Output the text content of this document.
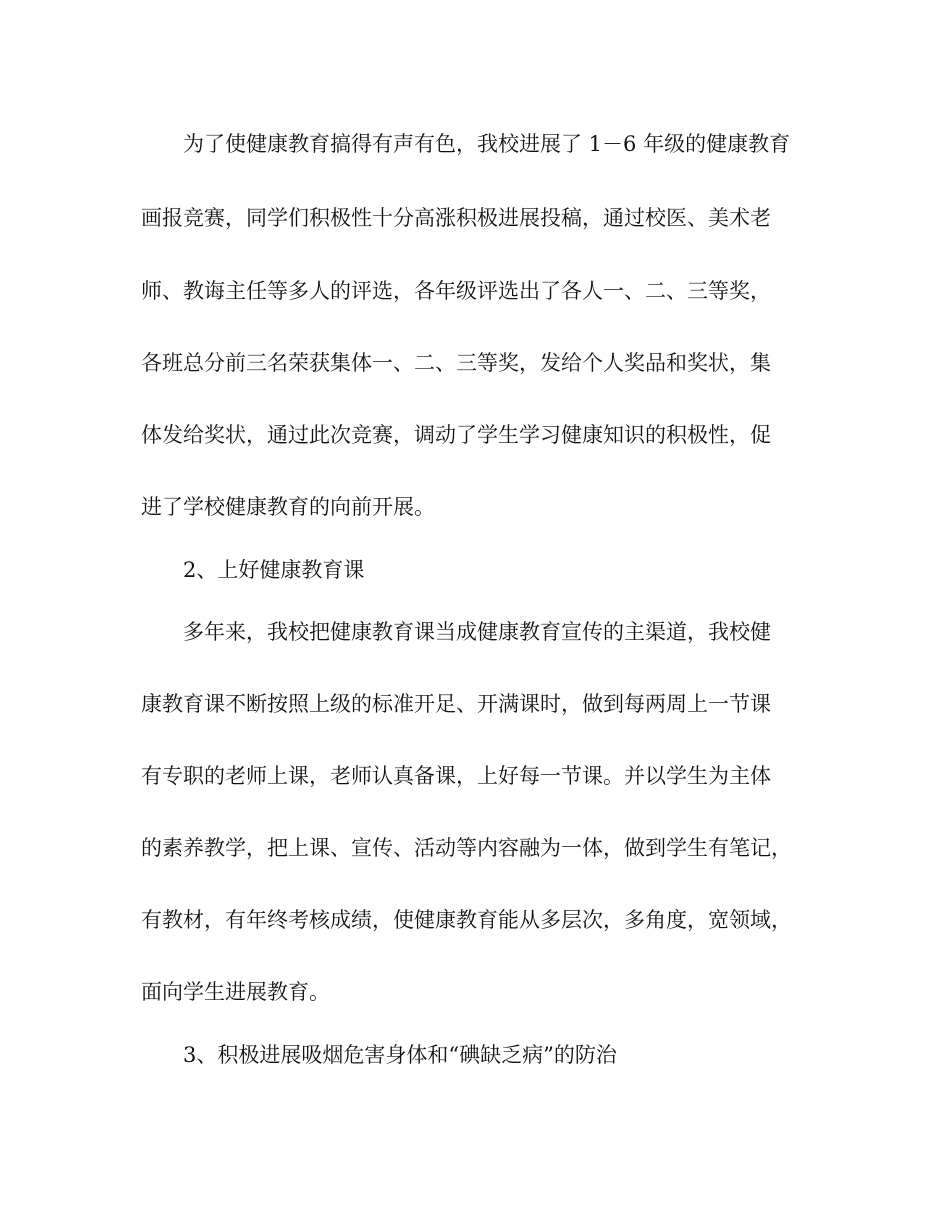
为了使健康教育搞得有声有色，我校进展了 1－6 年级的健康教育

画报竞赛，同学们积极性十分高涨积极进展投稿，通过校医、美术老

师、教诲主任等多人的评选，各年级评选出了各人一、二、三等奖，

各班总分前三名荣获集体一、二、三等奖，发给个人奖品和奖状，集

体发给奖状，通过此次竞赛，调动了学生学习健康知识的积极性，促

进了学校健康教育的向前开展。

2、上好健康教育课

多年来，我校把健康教育课当成健康教育宣传的主渠道，我校健

康教育课不断按照上级的标准开足、开满课时，做到每两周上一节课

有专职的老师上课，老师认真备课，上好每一节课。并以学生为主体

的素养教学，把上课、宣传、活动等内容融为一体，做到学生有笔记，

有教材，有年终考核成绩，使健康教育能从多层次，多角度，宽领域，

面向学生进展教育。

3、积极进展吸烟危害身体和“碘缺乏病”的防治
